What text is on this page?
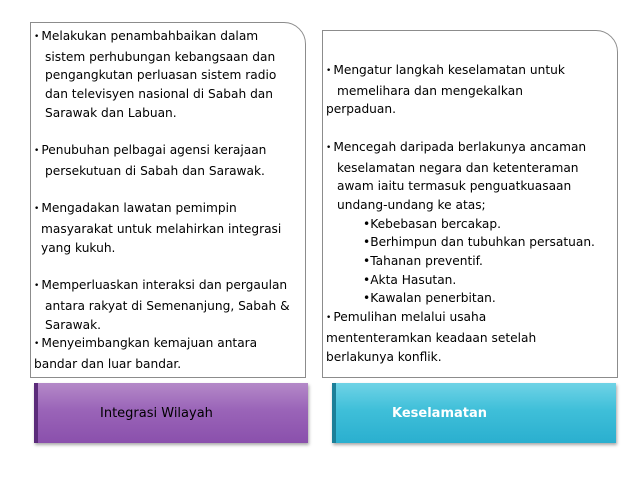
• Melakukan penambahbaikan dalam
sistem perhubungan kebangsaan dan
pengangkutan perluasan sistem radio
dan televisyen nasional di Sabah dan
Sarawak dan Labuan.
• Penubuhan pelbagai agensi kerajaan
persekutuan di Sabah dan Sarawak.
• Mengadakan lawatan pemimpin
masyarakat untuk melahirkan integrasi
yang kukuh.
• Memperluaskan interaksi dan pergaulan
antara rakyat di Semenanjung, Sabah &
Sarawak.
• Menyeimbangkan kemajuan antara
bandar dan luar bandar.
• Mengatur langkah keselamatan untuk
memelihara dan mengekalkan
perpaduan.
• Mencegah daripada berlakunya ancaman
keselamatan negara dan ketenteraman
awam iaitu termasuk penguatkuasaan
undang-undang ke atas;
•Kebebasan bercakap.
•Berhimpun dan tubuhkan persatuan.
•Tahanan preventif.
•Akta Hasutan.
•Kawalan penerbitan.
• Pemulihan melalui usaha
mententeramkan keadaan setelah
berlakunya konflik.
Integrasi Wilayah	Keselamatan
